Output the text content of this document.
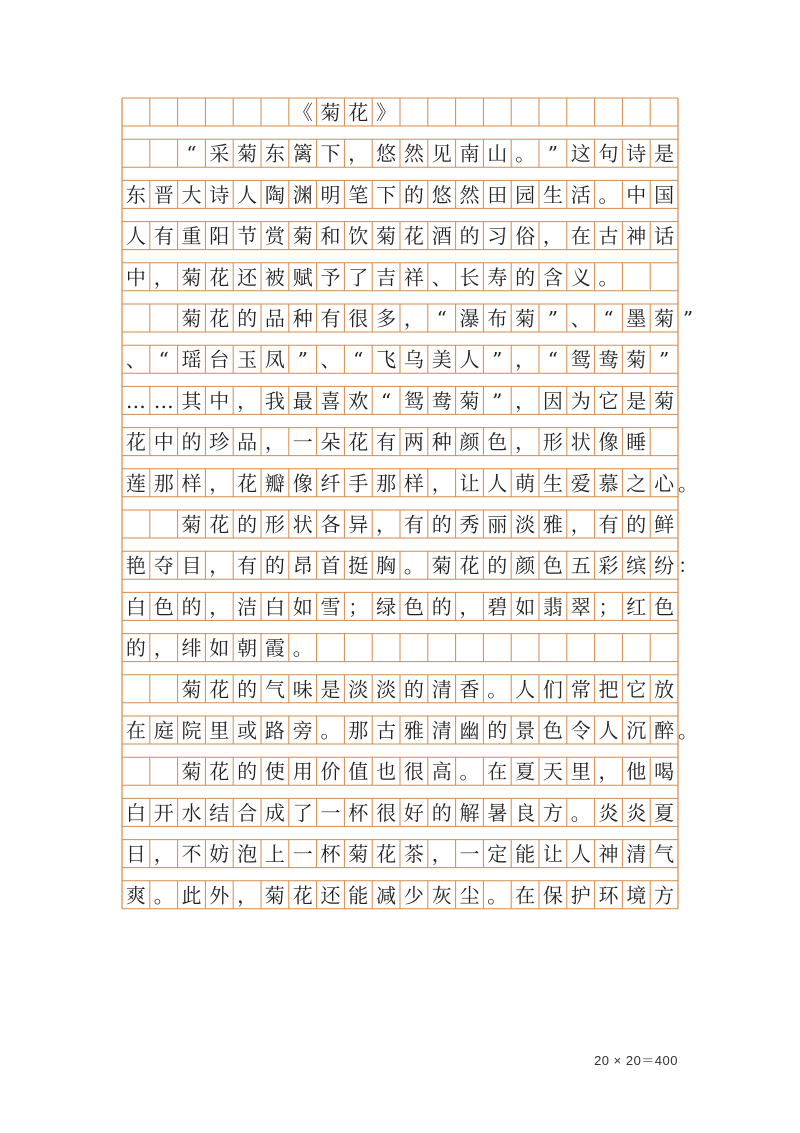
《 菊 花 》
“ 采 菊 东 篱 下 ， 悠 然 见 南 山 。 ” 这 句 诗 是
东 晋 大 诗 人 陶 渊 明 笔 下 的 悠 然 田 园 生 活 。 中 国
人 有 重 阳 节 赏 菊 和 饮 菊 花 酒 的 习 俗 ， 在 古 神 话
中 ， 菊 花 还 被 赋 予 了 吉 祥 、 长 寿 的 含 义 。
菊 花 的 品 种 有 很 多 ， “ 瀑 布 菊 ” 、 “ 墨 菊 ”
、 “ 瑶 台 玉 凤 ” 、 “ 飞 乌 美 人 ” ， “ 鸳 鸯 菊 ”
… … 其 中 ， 我 最 喜 欢 “ 鸳 鸯 菊 ” ， 因 为 它 是 菊
花 中 的 珍 品 ， 一 朵 花 有 两 种 颜 色 ， 形 状 像 睡
莲 那 样 ， 花 瓣 像 纤 手 那 样 ， 让 人 萌 生 爱 慕 之 心 。
菊 花 的 形 状 各 异 ， 有 的 秀 丽 淡 雅 ， 有 的 鲜
艳 夺 目 ， 有 的 昂 首 挺 胸 。 菊 花 的 颜 色 五 彩 缤 纷 ：
白 色 的 ， 洁 白 如 雪 ； 绿 色 的 ， 碧 如 翡 翠 ； 红 色
的 ， 绯 如 朝 霞 。
菊 花 的 气 味 是 淡 淡 的 清 香 。 人 们 常 把 它 放
在 庭 院 里 或 路 旁 。 那 古 雅 清 幽 的 景 色 令 人 沉 醉 。
菊 花 的 使 用 价 值 也 很 高 。 在 夏 天 里 ， 他 喝
白 开 水 结 合 成 了 一 杯 很 好 的 解 暑 良 方 。 炎 炎 夏
日 ， 不 妨 泡 上 一 杯 菊 花 茶 ， 一 定 能 让 人 神 清 气
爽 。 此 外 ， 菊 花 还 能 减 少 灰 尘 。 在 保 护 环 境 方
20 × 20＝400
